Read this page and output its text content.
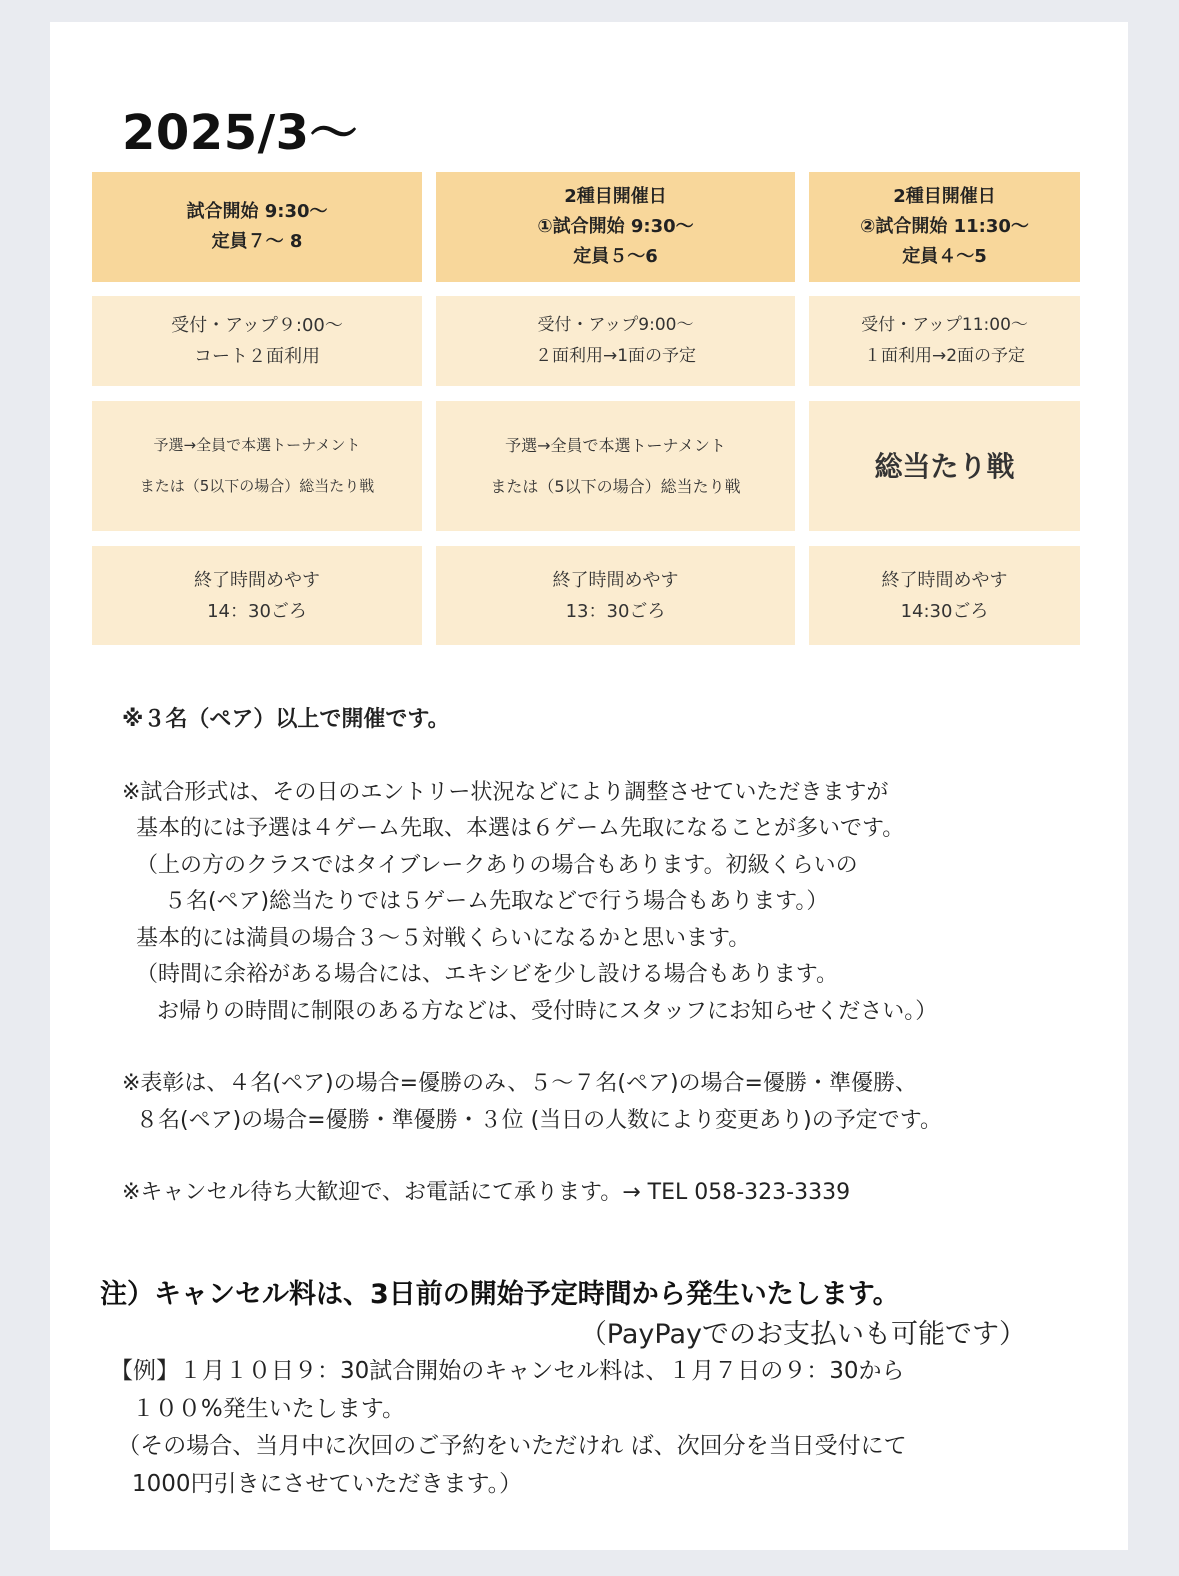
2025/3〜
試合開始 9:30〜
定員７〜 8
2種目開催日
①試合開始 9:30〜
定員５〜6
2種目開催日
②試合開始 11:30〜
定員４〜5
受付・アップ９:00〜
コート２面利用
受付・アップ9:00〜
２面利用→1面の予定
受付・アップ11:00〜
１面利用→2面の予定
予選→全員で本選トーナメント
または（5以下の場合）総当たり戦
予選→全員で本選トーナメント
または（5以下の場合）総当たり戦
総当たり戦
終了時間めやす
14：30ごろ
終了時間めやす
13：30ごろ
終了時間めやす
14:30ごろ
※３名（ペア）以上で開催です。
※試合形式は、その日のエントリー状況などにより調整させていただきますが
基本的には予選は４ゲーム先取、本選は６ゲーム先取になることが多いです。
（上の方のクラスではタイブレークありの場合もあります。初級くらいの
５名(ペア)総当たりでは５ゲーム先取などで行う場合もあります。）
基本的には満員の場合３〜５対戦くらいになるかと思います。
（時間に余裕がある場合には、エキシビを少し設ける場合もあります。
お帰りの時間に制限のある方などは、受付時にスタッフにお知らせください。）
※表彰は、４名(ペア)の場合=優勝のみ、５〜７名(ペア)の場合=優勝・準優勝、
８名(ペア)の場合=優勝・準優勝・３位 (当日の人数により変更あり)の予定です。
※キャンセル待ち大歓迎で、お電話にて承ります。→ TEL 058-323-3339
注）キャンセル料は、3日前の開始予定時間から発生いたします。
（PayPayでのお支払いも可能です）
【例】１月１０日９：30試合開始のキャンセル料は、１月７日の９：30から
１００%発生いたします。
（その場合、当月中に次回のご予約をいただけれ ば、次回分を当日受付にて
1000円引きにさせていただきます。）
